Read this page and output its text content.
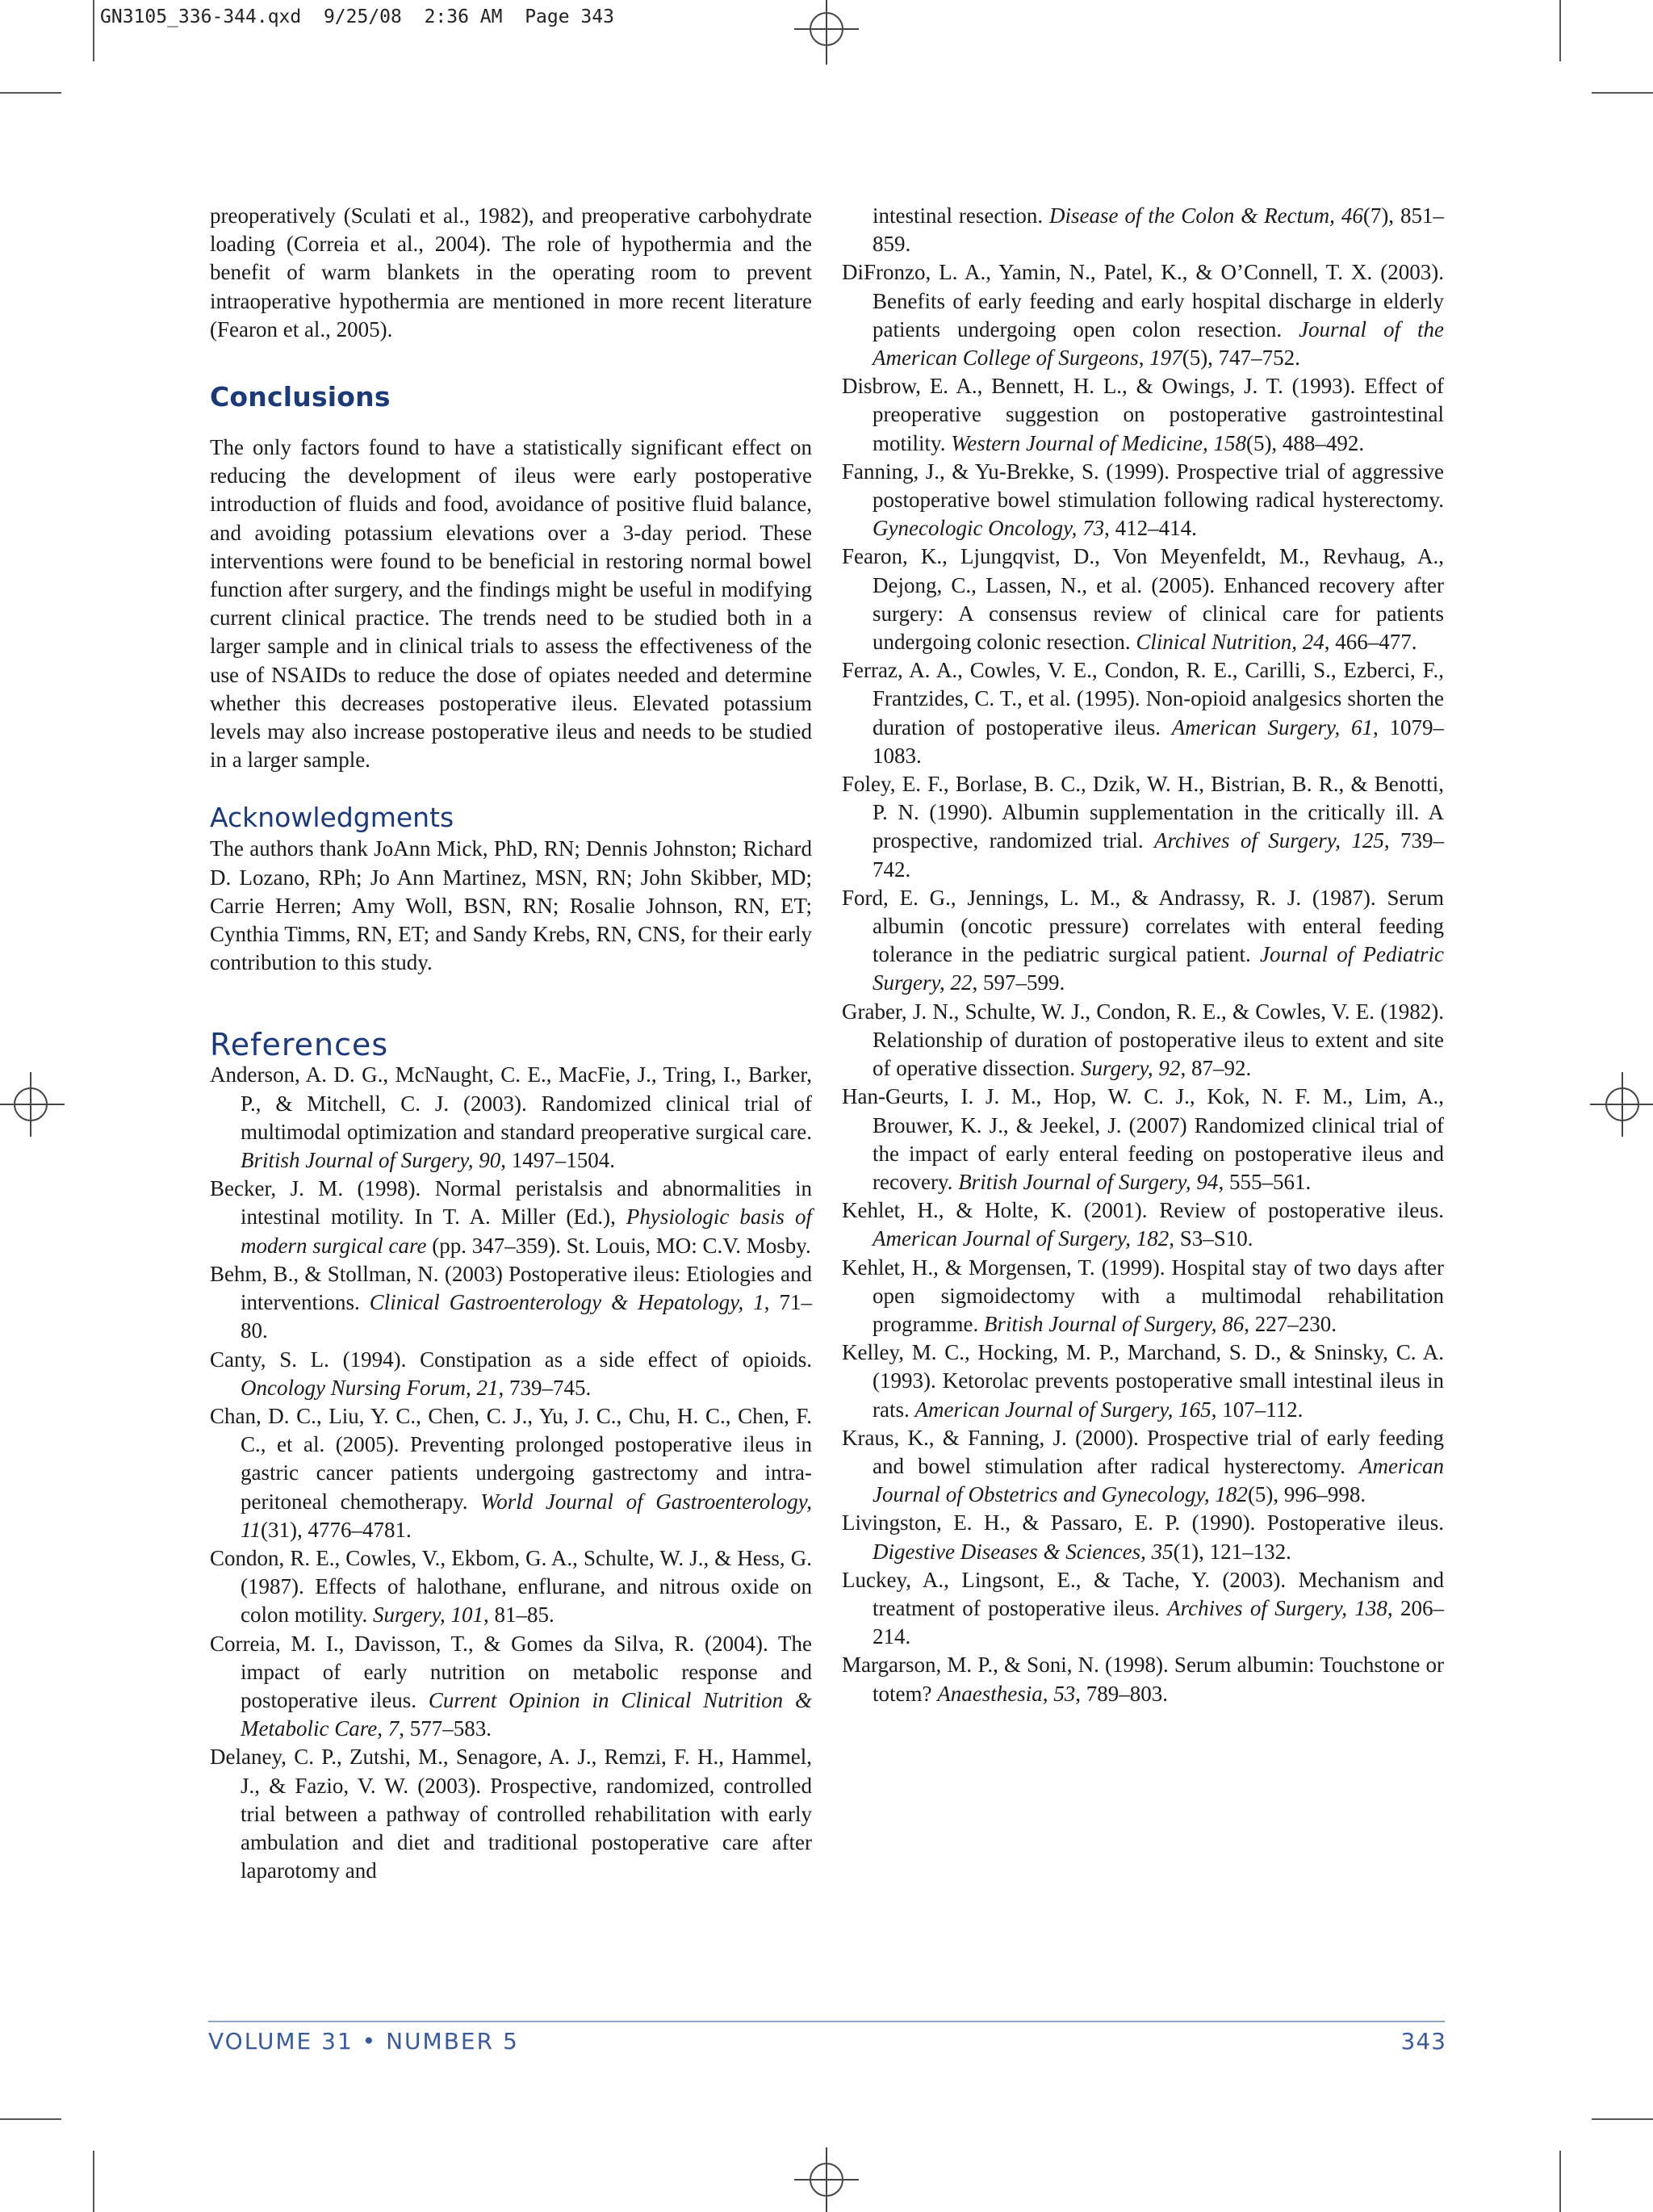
GN3105_336-344.qxd  9/25/08  2:36 AM  Page 343

preoperatively (Sculati et al., 1982), and preoperative carbohydrate loading (Correia et al., 2004). The role of hypothermia and the benefit of warm blankets in the operating room to prevent intraoperative hypothermia are mentioned in more recent literature (Fearon et al., 2005).

Conclusions

The only factors found to have a statistically significant effect on reducing the development of ileus were early postoperative introduction of fluids and food, avoidance of positive fluid balance, and avoiding potassium elevations over a 3-day period. These interventions were found to be beneficial in restoring normal bowel function after surgery, and the findings might be useful in modifying current clinical practice. The trends need to be studied both in a larger sample and in clinical trials to assess the effectiveness of the use of NSAIDs to reduce the dose of opiates needed and determine whether this decreases postoperative ileus. Elevated potassium levels may also increase postoperative ileus and needs to be studied in a larger sample.

Acknowledgments

The authors thank JoAnn Mick, PhD, RN; Dennis Johnston; Richard D. Lozano, RPh; Jo Ann Martinez, MSN, RN; John Skibber, MD; Carrie Herren; Amy Woll, BSN, RN; Rosalie Johnson, RN, ET; Cynthia Timms, RN, ET; and Sandy Krebs, RN, CNS, for their early contribution to this study.

References
Anderson, A. D. G., McNaught, C. E., MacFie, J., Tring, I., Barker, P., & Mitchell, C. J. (2003). Randomized clinical trial of multimodal optimization and standard preoperative surgical care. British Journal of Surgery, 90, 1497–1504.
Becker, J. M. (1998). Normal peristalsis and abnormalities in intestinal motility. In T. A. Miller (Ed.), Physiologic basis of modern surgical care (pp. 347–359). St. Louis, MO: C.V. Mosby.
Behm, B., & Stollman, N. (2003) Postoperative ileus: Etiologies and interventions. Clinical Gastroenterology & Hepatology, 1, 71–80.
Canty, S. L. (1994). Constipation as a side effect of opioids. Oncology Nursing Forum, 21, 739–745.
Chan, D. C., Liu, Y. C., Chen, C. J., Yu, J. C., Chu, H. C., Chen, F. C., et al. (2005). Preventing prolonged postoperative ileus in gastric cancer patients undergoing gastrectomy and intra-peritoneal chemotherapy. World Journal of Gastroenterology, 11(31), 4776–4781.
Condon, R. E., Cowles, V., Ekbom, G. A., Schulte, W. J., & Hess, G. (1987). Effects of halothane, enflurane, and nitrous oxide on colon motility. Surgery, 101, 81–85.
Correia, M. I., Davisson, T., & Gomes da Silva, R. (2004). The impact of early nutrition on metabolic response and postoperative ileus. Current Opinion in Clinical Nutrition & Metabolic Care, 7, 577–583.
Delaney, C. P., Zutshi, M., Senagore, A. J., Remzi, F. H., Hammel, J., & Fazio, V. W. (2003). Prospective, randomized, controlled trial between a pathway of controlled rehabilitation with early ambulation and diet and traditional postoperative care after laparotomy and
intestinal resection. Disease of the Colon & Rectum, 46(7), 851–859.
DiFronzo, L. A., Yamin, N., Patel, K., & O’Connell, T. X. (2003). Benefits of early feeding and early hospital discharge in elderly patients undergoing open colon resection. Journal of the American College of Surgeons, 197(5), 747–752.
Disbrow, E. A., Bennett, H. L., & Owings, J. T. (1993). Effect of preoperative suggestion on postoperative gastrointestinal motility. Western Journal of Medicine, 158(5), 488–492.
Fanning, J., & Yu-Brekke, S. (1999). Prospective trial of aggressive postoperative bowel stimulation following radical hysterectomy. Gynecologic Oncology, 73, 412–414.
Fearon, K., Ljungqvist, D., Von Meyenfeldt, M., Revhaug, A., Dejong, C., Lassen, N., et al. (2005). Enhanced recovery after surgery: A consensus review of clinical care for patients undergoing colonic resection. Clinical Nutrition, 24, 466–477.
Ferraz, A. A., Cowles, V. E., Condon, R. E., Carilli, S., Ezberci, F., Frantzides, C. T., et al. (1995). Non-opioid analgesics shorten the duration of postoperative ileus. American Surgery, 61, 1079–1083.
Foley, E. F., Borlase, B. C., Dzik, W. H., Bistrian, B. R., & Benotti, P. N. (1990). Albumin supplementation in the critically ill. A prospective, randomized trial. Archives of Surgery, 125, 739–742.
Ford, E. G., Jennings, L. M., & Andrassy, R. J. (1987). Serum albumin (oncotic pressure) correlates with enteral feeding tolerance in the pediatric surgical patient. Journal of Pediatric Surgery, 22, 597–599.
Graber, J. N., Schulte, W. J., Condon, R. E., & Cowles, V. E. (1982). Relationship of duration of postoperative ileus to extent and site of operative dissection. Surgery, 92, 87–92.
Han-Geurts, I. J. M., Hop, W. C. J., Kok, N. F. M., Lim, A., Brouwer, K. J., & Jeekel, J. (2007) Randomized clinical trial of the impact of early enteral feeding on postoperative ileus and recovery. British Journal of Surgery, 94, 555–561.
Kehlet, H., & Holte, K. (2001). Review of postoperative ileus. American Journal of Surgery, 182, S3–S10.
Kehlet, H., & Morgensen, T. (1999). Hospital stay of two days after open sigmoidectomy with a multimodal rehabilitation programme. British Journal of Surgery, 86, 227–230.
Kelley, M. C., Hocking, M. P., Marchand, S. D., & Sninsky, C. A. (1993). Ketorolac prevents postoperative small intestinal ileus in rats. American Journal of Surgery, 165, 107–112.
Kraus, K., & Fanning, J. (2000). Prospective trial of early feeding and bowel stimulation after radical hysterectomy. American Journal of Obstetrics and Gynecology, 182(5), 996–998.
Livingston, E. H., & Passaro, E. P. (1990). Postoperative ileus. Digestive Diseases & Sciences, 35(1), 121–132.
Luckey, A., Lingsont, E., & Tache, Y. (2003). Mechanism and treatment of postoperative ileus. Archives of Surgery, 138, 206–214.
Margarson, M. P., & Soni, N. (1998). Serum albumin: Touchstone or totem? Anaesthesia, 53, 789–803.
VOLUME 31 • NUMBER 5	343
